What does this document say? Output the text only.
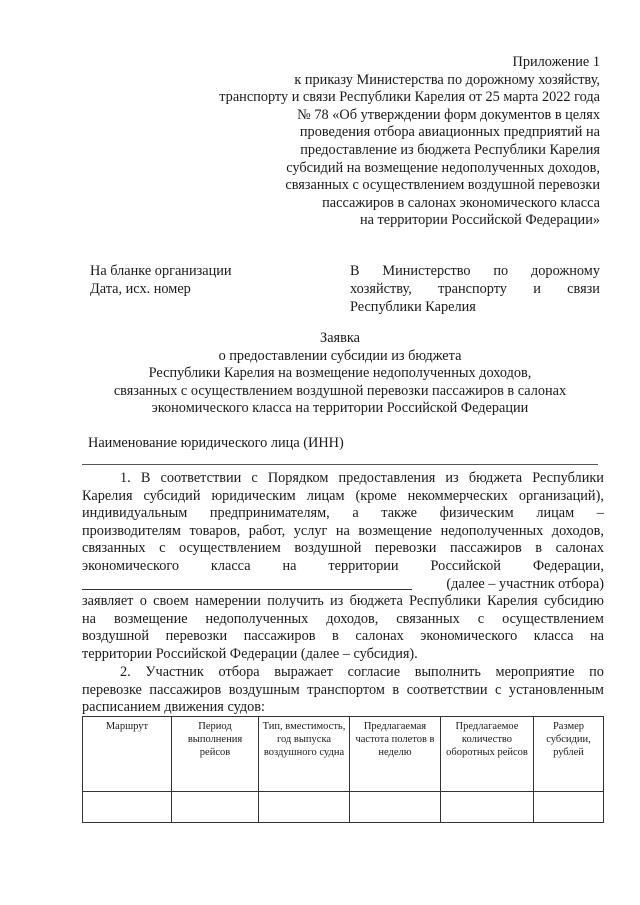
Приложение 1
к приказу Министерства по дорожному хозяйству,
транспорту и связи Республики Карелия от 25 марта 2022 года
№ 78 «Об утверждении форм документов в целях
проведения отбора авиационных предприятий на
предоставление из бюджета Республики Карелия
субсидий на возмещение недополученных доходов,
связанных с осуществлением воздушной перевозки
пассажиров в салонах экономического класса
на территории Российской Федерации»
На бланке организации
Дата, исх. номер
В Министерство по дорожному
хозяйству, транспорту и связи
Республики Карелия
Заявка
о предоставлении субсидии из бюджета
Республики Карелия на возмещение недополученных доходов,
связанных с осуществлением воздушной перевозки пассажиров в салонах
экономического класса на территории Российской Федерации
Наименование юридического лица (ИНН)
1. В соответствии с Порядком предоставления из бюджета Республики
Карелия субсидий юридическим лицам (кроме некоммерческих организаций),
индивидуальным предпринимателям, а также физическим лицам –
производителям товаров, работ, услуг на возмещение недополученных доходов,
связанных с осуществлением воздушной перевозки пассажиров в салонах
экономического класса на территории Российской Федерации,
(далее – участник отбора)
заявляет о своем намерении получить из бюджета Республики Карелия субсидию
на возмещение недополученных доходов, связанных с осуществлением
воздушной перевозки пассажиров в салонах экономического класса на
территории Российской Федерации (далее – субсидия).
2. Участник отбора выражает согласие выполнить мероприятие по
перевозке пассажиров воздушным транспортом в соответствии с установленным
расписанием движения судов:
Маршрут	Период выполнения рейсов	Тип, вместимость, год выпуска воздушного судна	Предлагаемая частота полетов в неделю	Предлагаемое количество оборотных рейсов	Размер субсидии, рублей
